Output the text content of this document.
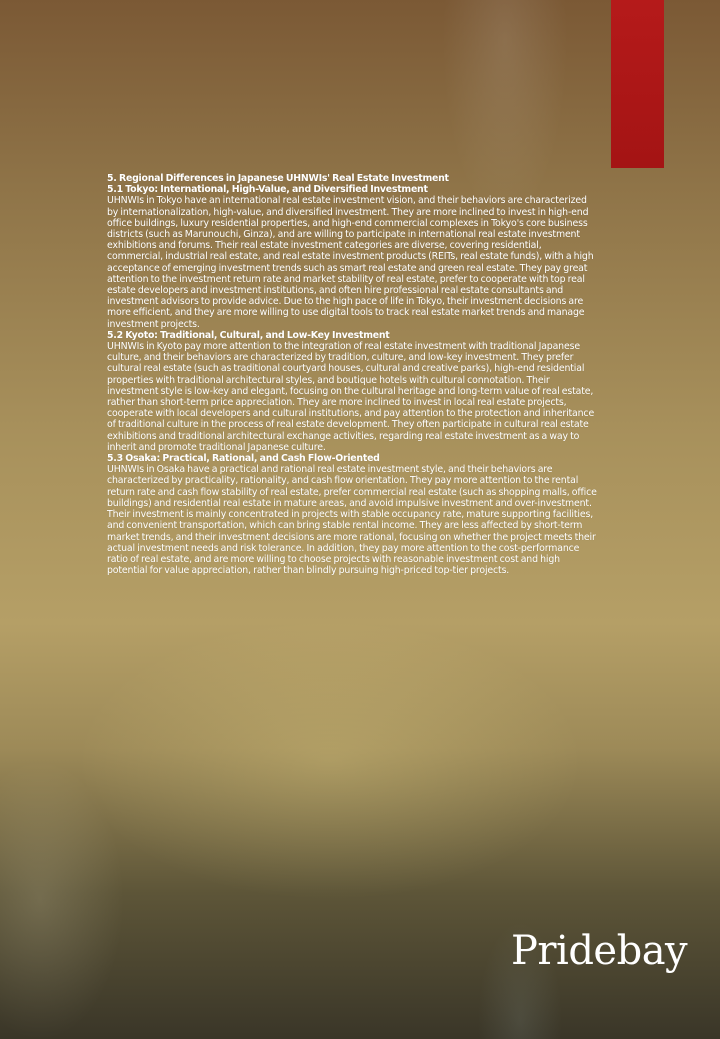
5. Regional Differences in Japanese UHNWIs' Real Estate Investment

5.1 Tokyo: International, High-Value, and Diversified Investment

UHNWIs in Tokyo have an international real estate investment vision, and their behaviors are characterized by internationalization, high-value, and diversified investment. They are more inclined to invest in high-end office buildings, luxury residential properties, and high-end commercial complexes in Tokyo's core business districts (such as Marunouchi, Ginza), and are willing to participate in international real estate investment exhibitions and forums. Their real estate investment categories are diverse, covering residential, commercial, industrial real estate, and real estate investment products (REITs, real estate funds), with a high acceptance of emerging investment trends such as smart real estate and green real estate. They pay great attention to the investment return rate and market stability of real estate, prefer to cooperate with top real estate developers and investment institutions, and often hire professional real estate consultants and investment advisors to provide advice. Due to the high pace of life in Tokyo, their investment decisions are more efficient, and they are more willing to use digital tools to track real estate market trends and manage investment projects.

5.2 Kyoto: Traditional, Cultural, and Low-Key Investment

UHNWIs in Kyoto pay more attention to the integration of real estate investment with traditional Japanese culture, and their behaviors are characterized by tradition, culture, and low-key investment. They prefer cultural real estate (such as traditional courtyard houses, cultural and creative parks), high-end residential properties with traditional architectural styles, and boutique hotels with cultural connotation. Their investment style is low-key and elegant, focusing on the cultural heritage and long-term value of real estate, rather than short-term price appreciation. They are more inclined to invest in local real estate projects, cooperate with local developers and cultural institutions, and pay attention to the protection and inheritance of traditional culture in the process of real estate development. They often participate in cultural real estate exhibitions and traditional architectural exchange activities, regarding real estate investment as a way to inherit and promote traditional Japanese culture.

5.3 Osaka: Practical, Rational, and Cash Flow-Oriented

UHNWIs in Osaka have a practical and rational real estate investment style, and their behaviors are characterized by practicality, rationality, and cash flow orientation. They pay more attention to the rental return rate and cash flow stability of real estate, prefer commercial real estate (such as shopping malls, office buildings) and residential real estate in mature areas, and avoid impulsive investment and over-investment. Their investment is mainly concentrated in projects with stable occupancy rate, mature supporting facilities, and convenient transportation, which can bring stable rental income. They are less affected by short-term market trends, and their investment decisions are more rational, focusing on whether the project meets their actual investment needs and risk tolerance. In addition, they pay more attention to the cost-performance ratio of real estate, and are more willing to choose projects with reasonable investment cost and high potential for value appreciation, rather than blindly pursuing high-priced top-tier projects.

Pridebay
